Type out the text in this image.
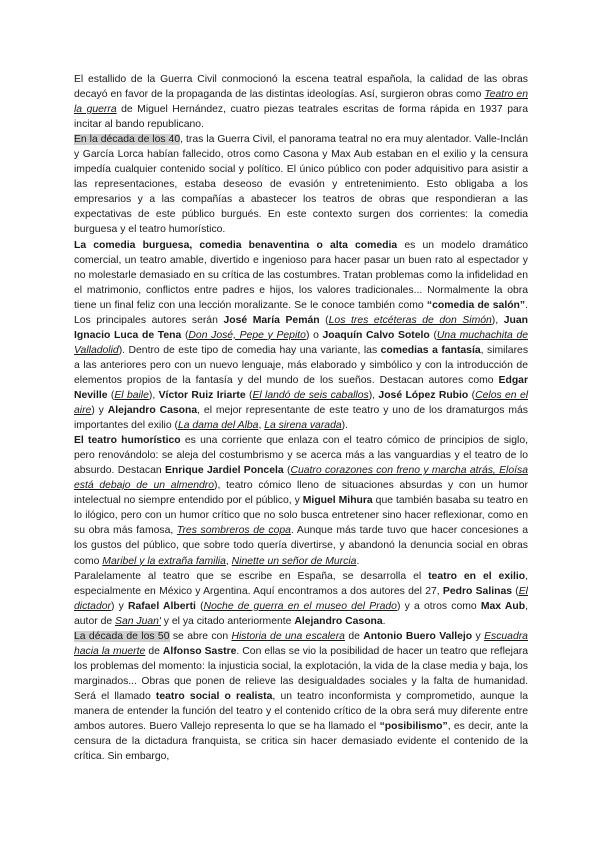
El estallido de la Guerra Civil conmocionó la escena teatral española, la calidad de las obras decayó en favor de la propaganda de las distintas ideologías. Así, surgieron obras como Teatro en la guerra de Miguel Hernández, cuatro piezas teatrales escritas de forma rápida en 1937 para incitar al bando republicano.

En la década de los 40, tras la Guerra Civil, el panorama teatral no era muy alentador. Valle-Inclán y García Lorca habían fallecido, otros como Casona y Max Aub estaban en el exilio y la censura impedía cualquier contenido social y político. El único público con poder adquisitivo para asistir a las representaciones, estaba deseoso de evasión y entretenimiento. Esto obligaba a los empresarios y a las compañías a abastecer los teatros de obras que respondieran a las expectativas de este público burgués. En este contexto surgen dos corrientes: la comedia burguesa y el teatro humorístico.

La comedia burguesa, comedia benaventina o alta comedia es un modelo dramático comercial, un teatro amable, divertido e ingenioso para hacer pasar un buen rato al espectador y no molestarle demasiado en su crítica de las costumbres. Tratan problemas como la infidelidad en el matrimonio, conflictos entre padres e hijos, los valores tradicionales... Normalmente la obra tiene un final feliz con una lección moralizante. Se le conoce también como “comedia de salón”. Los principales autores serán José María Pemán (Los tres etcéteras de don Simón), Juan Ignacio Luca de Tena (Don José, Pepe y Pepito) o Joaquín Calvo Sotelo (Una muchachita de Valladolid). Dentro de este tipo de comedia hay una variante, las comedias a fantasía, similares a las anteriores pero con un nuevo lenguaje, más elaborado y simbólico y con la introducción de elementos propios de la fantasía y del mundo de los sueños. Destacan autores como Edgar Neville (El baile), Víctor Ruiz Iriarte (El landó de seis caballos), José López Rubio (Celos en el aire) y Alejandro Casona, el mejor representante de este teatro y uno de los dramaturgos más importantes del exilio (La dama del Alba, La sirena varada).

El teatro humorístico es una corriente que enlaza con el teatro cómico de principios de siglo, pero renovándolo: se aleja del costumbrismo y se acerca más a las vanguardias y el teatro de lo absurdo. Destacan Enrique Jardiel Poncela (Cuatro corazones con freno y marcha atrás, Eloísa está debajo de un almendro), teatro cómico lleno de situaciones absurdas y con un humor intelectual no siempre entendido por el público, y Miguel Mihura que también basaba su teatro en lo ilógico, pero con un humor crítico que no solo busca entretener sino hacer reflexionar, como en su obra más famosa, Tres sombreros de copa. Aunque más tarde tuvo que hacer concesiones a los gustos del público, que sobre todo quería divertirse, y abandonó la denuncia social en obras como Maribel y la extraña familia, Ninette un señor de Murcia.

Paralelamente al teatro que se escribe en España, se desarrolla el teatro en el exilio, especialmente en México y Argentina. Aquí encontramos a dos autores del 27, Pedro Salinas (El dictador) y Rafael Alberti (Noche de guerra en el museo del Prado) y a otros como Max Aub, autor de San Juan' y el ya citado anteriormente Alejandro Casona.

La década de los 50 se abre con Historia de una escalera de Antonio Buero Vallejo y Escuadra hacia la muerte de Alfonso Sastre. Con ellas se vio la posibilidad de hacer un teatro que reflejara los problemas del momento: la injusticia social, la explotación, la vida de la clase media y baja, los marginados... Obras que ponen de relieve las desigualdades sociales y la falta de humanidad. Será el llamado teatro social o realista, un teatro inconformista y comprometido, aunque la manera de entender la función del teatro y el contenido crítico de la obra será muy diferente entre ambos autores. Buero Vallejo representa lo que se ha llamado el “posibilismo”, es decir, ante la censura de la dictadura franquista, se critica sin hacer demasiado evidente el contenido de la crítica. Sin embargo,
